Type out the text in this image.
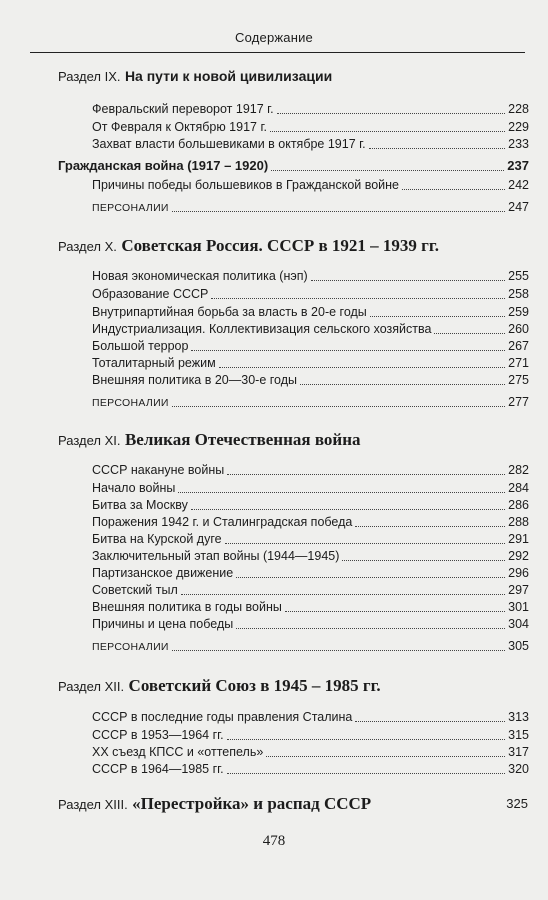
Содержание
Раздел IX. На пути к новой цивилизации
Февральский переворот 1917 г.	228
От Февраля к Октябрю 1917 г.	229
Захват власти большевиками в октябре 1917 г.	233
Гражданская война (1917 – 1920)	237
Причины победы большевиков в Гражданской войне	242
ПЕРСОНАЛИИ	247
Раздел X. Советская Россия. СССР в 1921 – 1939 гг.
Новая экономическая политика (нэп)	255
Образование СССР	258
Внутрипартийная борьба за власть в 20-е годы	259
Индустриализация. Коллективизация сельского хозяйства	260
Большой террор	267
Тоталитарный режим	271
Внешняя политика в 20—30-е годы	275
ПЕРСОНАЛИИ	277
Раздел XI. Великая Отечественная война
СССР накануне войны	282
Начало войны	284
Битва за Москву	286
Поражения 1942 г. и Сталинградская победа	288
Битва на Курской дуге	291
Заключительный этап войны (1944—1945)	292
Партизанское движение	296
Советский тыл	297
Внешняя политика в годы войны	301
Причины и цена победы	304
ПЕРСОНАЛИИ	305
Раздел XII. Советский Союз в 1945 – 1985 гг.
СССР в последние годы правления Сталина	313
СССР в 1953—1964 гг.	315
XX съезд КПСС и «оттепель»	317
СССР в 1964—1985 гг.	320
Раздел XIII. «Перестройка» и распад СССР	325
478
